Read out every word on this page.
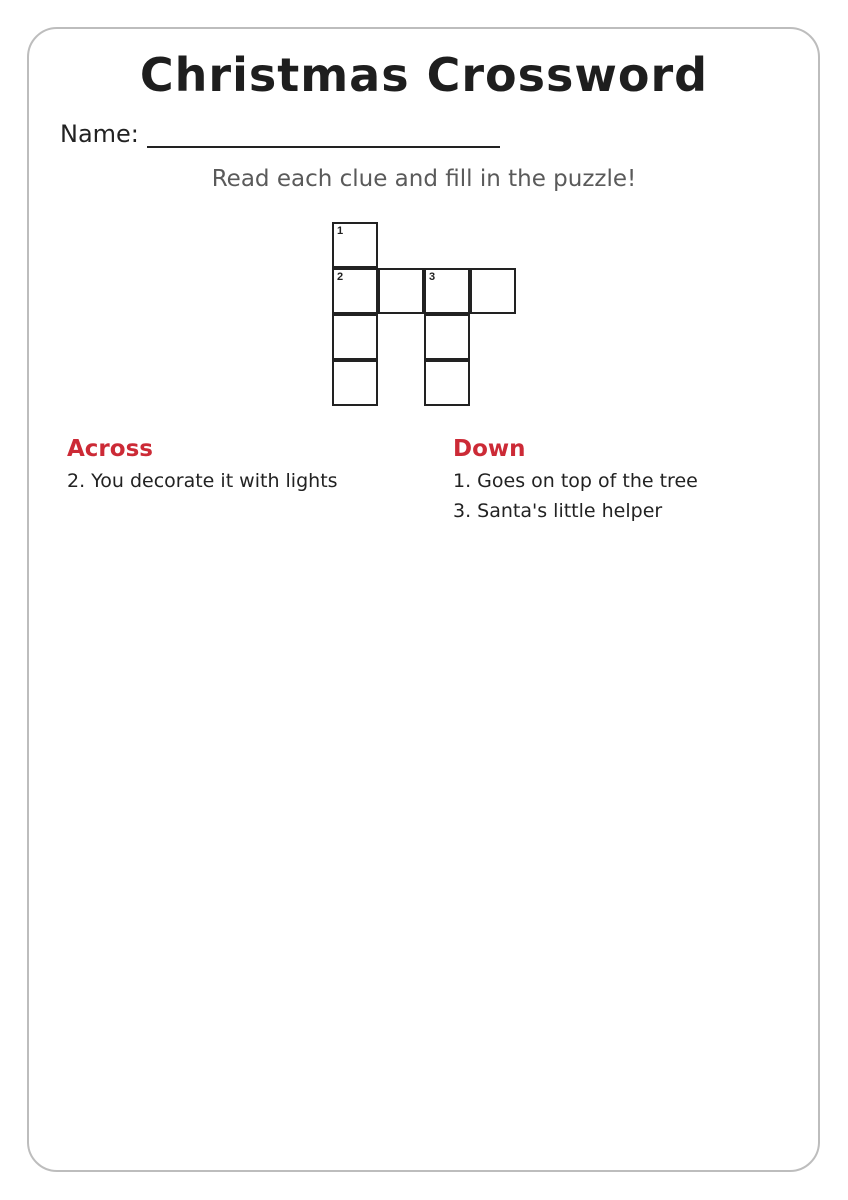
Christmas Crossword
Name:
Read each clue and fill in the puzzle!
1
2	3
Across
2. You decorate it with lights
Down
1. Goes on top of the tree
3. Santa's little helper
